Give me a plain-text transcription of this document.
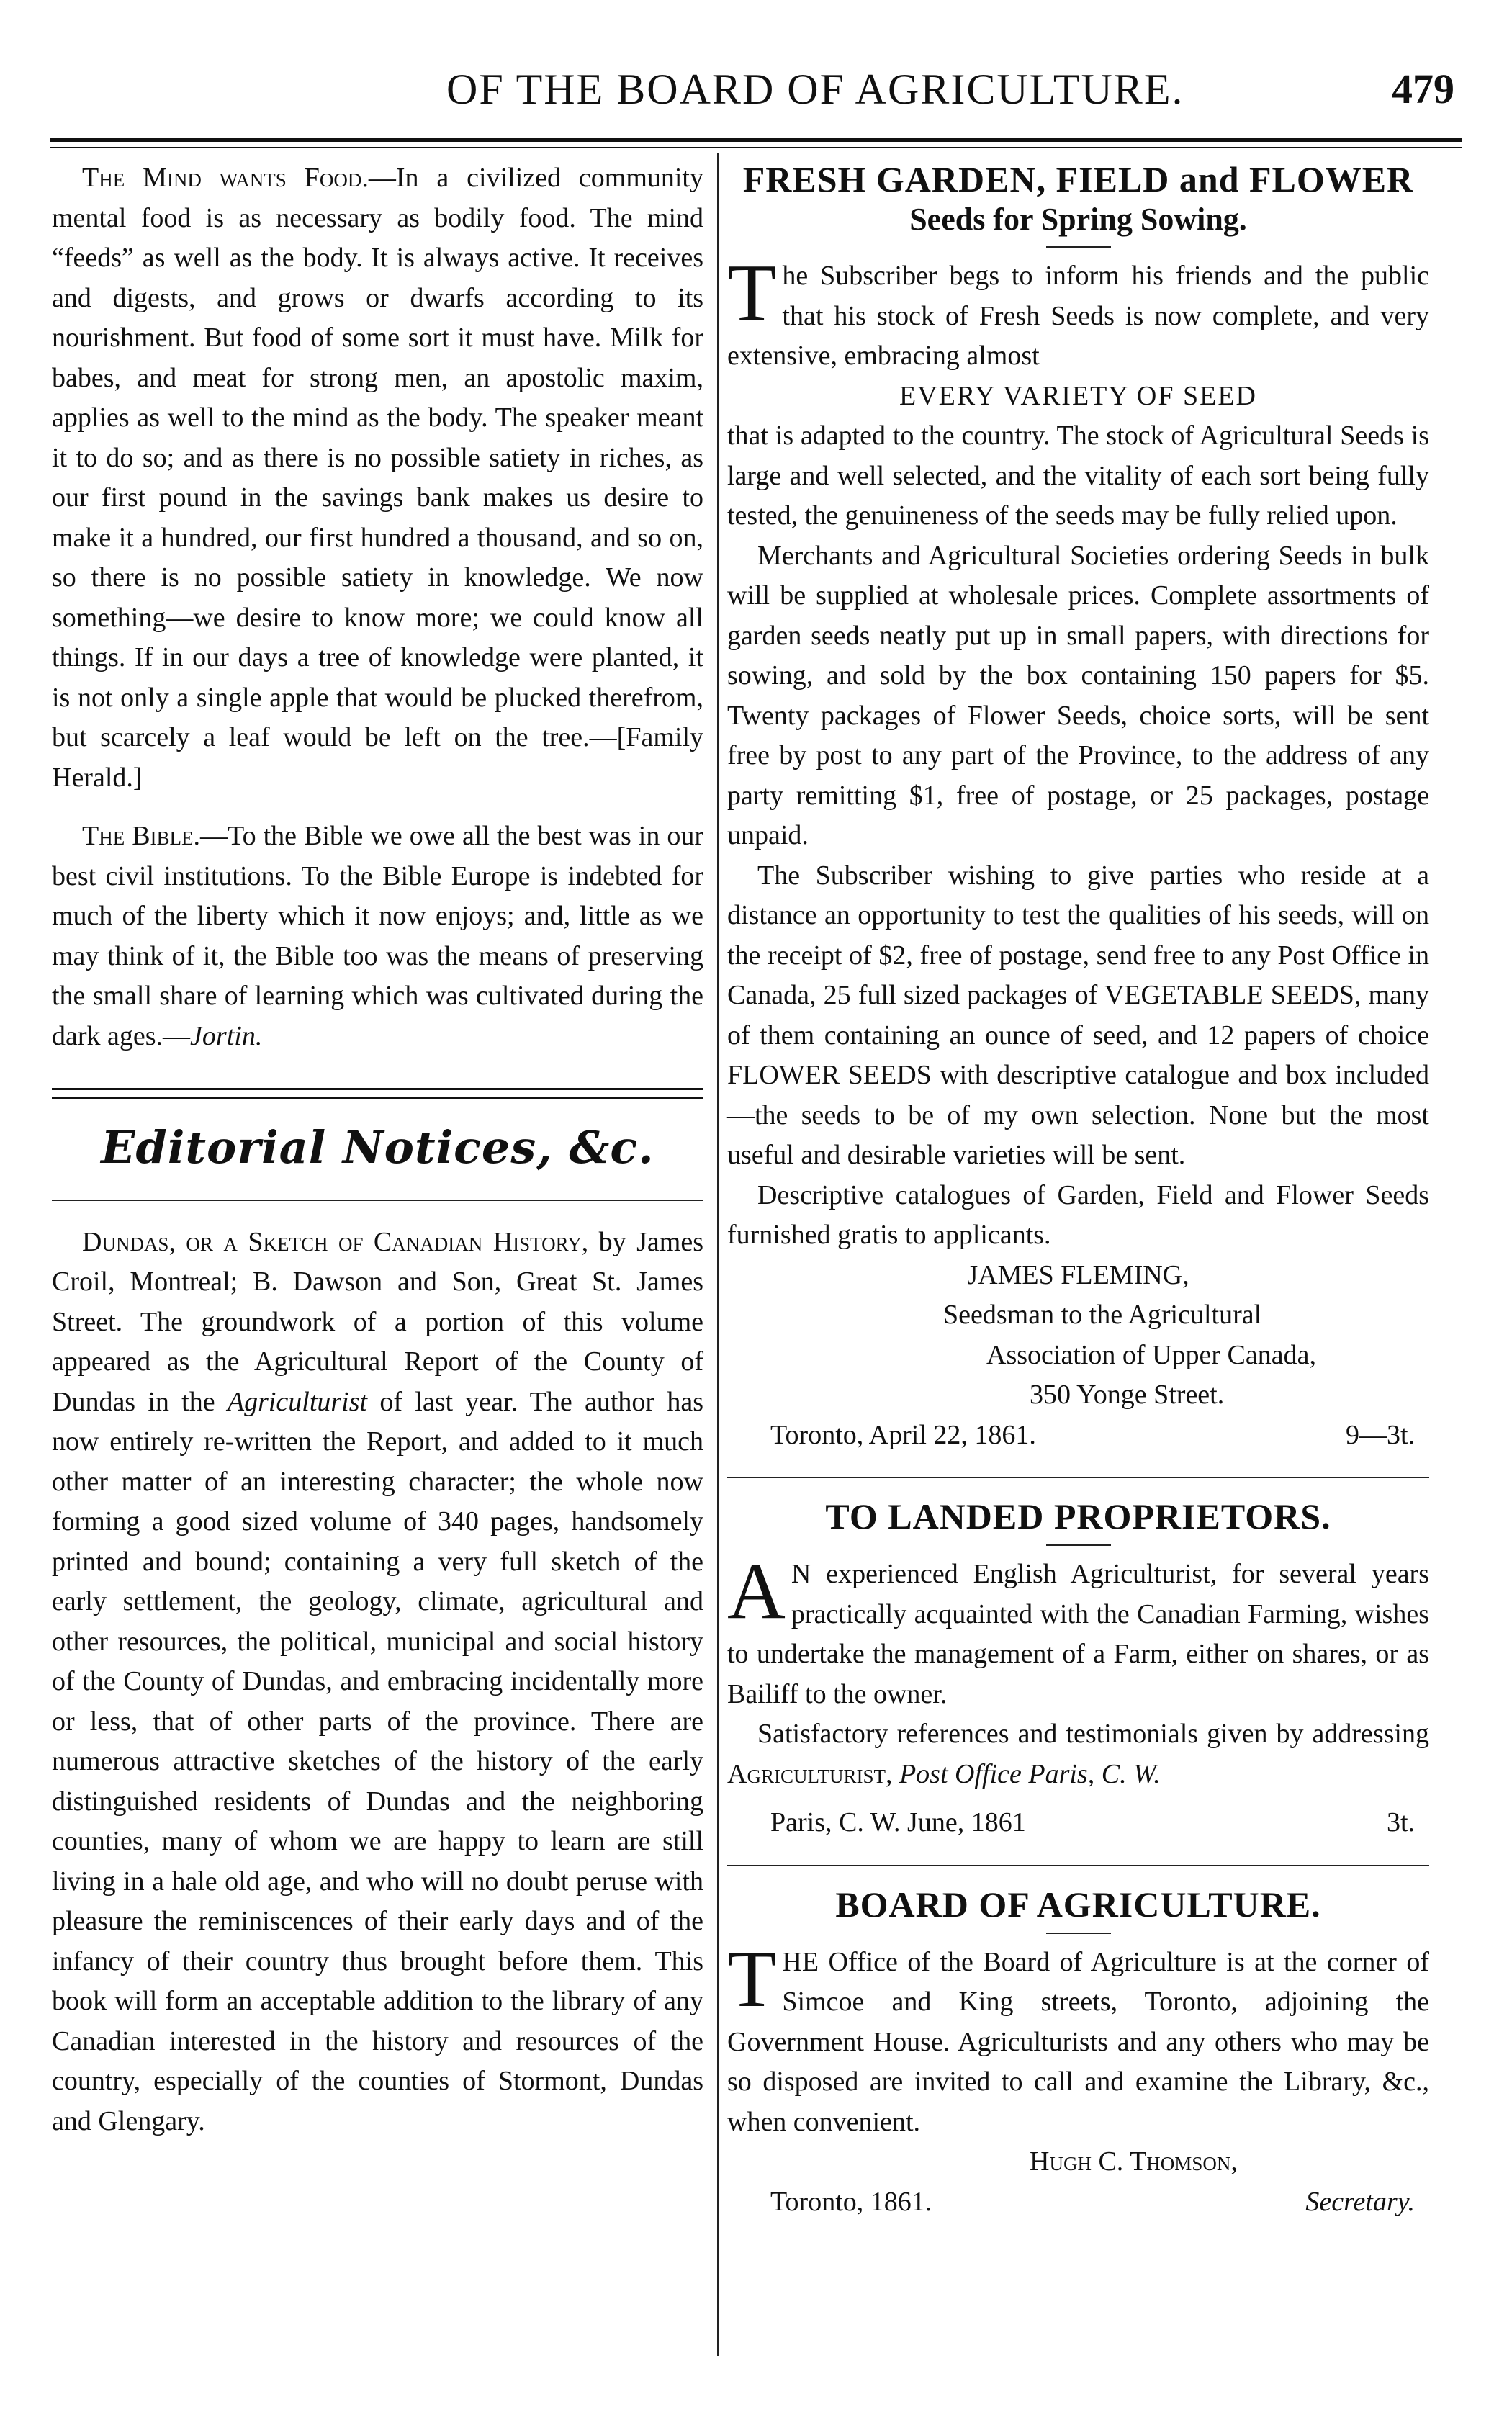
OF THE BOARD OF AGRICULTURE.	479

The Mind wants Food.—In a civilized community mental food is as necessary as bodily food. The mind “feeds” as well as the body. It is always active. It receives and digests, and grows or dwarfs according to its nourishment. But food of some sort it must have. Milk for babes, and meat for strong men, an apostolic maxim, applies as well to the mind as the body. The speaker meant it to do so; and as there is no possible satiety in riches, as our first pound in the savings bank makes us desire to make it a hundred, our first hundred a thousand, and so on, so there is no possible satiety in knowledge. We now something—we desire to know more; we could know all things. If in our days a tree of knowledge were planted, it is not only a single apple that would be plucked therefrom, but scarcely a leaf would be left on the tree.—[Family Herald.]

The Bible.—To the Bible we owe all the best was in our best civil institutions. To the Bible Europe is indebted for much of the liberty which it now enjoys; and, little as we may think of it, the Bible too was the means of preserving the small share of learning which was cultivated during the dark ages.—Jortin.

Editorial Notices, &c.

Dundas, or a Sketch of Canadian History, by James Croil, Montreal; B. Dawson and Son, Great St. James Street. The groundwork of a portion of this volume appeared as the Agricultural Report of the County of Dundas in the Agriculturist of last year. The author has now entirely re-written the Report, and added to it much other matter of an interesting character; the whole now forming a good sized volume of 340 pages, handsomely printed and bound; containing a very full sketch of the early settlement, the geology, climate, agricultural and other resources, the political, municipal and social history of the County of Dundas, and embracing incidentally more or less, that of other parts of the province. There are numerous attractive sketches of the history of the early distinguished residents of Dundas and the neighboring counties, many of whom we are happy to learn are still living in a hale old age, and who will no doubt peruse with pleasure the reminiscences of their early days and of the infancy of their country thus brought before them. This book will form an acceptable addition to the library of any Canadian interested in the history and resources of the country, especially of the counties of Stormont, Dundas and Glengary.

FRESH GARDEN, FIELD and FLOWER
Seeds for Spring Sowing.

The Subscriber begs to inform his friends and the public that his stock of Fresh Seeds is now complete, and very extensive, embracing almost

EVERY VARIETY OF SEED

that is adapted to the country. The stock of Agricultural Seeds is large and well selected, and the vitality of each sort being fully tested, the genuineness of the seeds may be fully relied upon.

Merchants and Agricultural Societies ordering Seeds in bulk will be supplied at wholesale prices. Complete assortments of garden seeds neatly put up in small papers, with directions for sowing, and sold by the box containing 150 papers for $5. Twenty packages of Flower Seeds, choice sorts, will be sent free by post to any part of the Province, to the address of any party remitting $1, free of postage, or 25 packages, postage unpaid.

The Subscriber wishing to give parties who reside at a distance an opportunity to test the qualities of his seeds, will on the receipt of $2, free of postage, send free to any Post Office in Canada, 25 full sized packages of VEGETABLE SEEDS, many of them containing an ounce of seed, and 12 papers of choice FLOWER SEEDS with descriptive catalogue and box included—the seeds to be of my own selection. None but the most useful and desirable varieties will be sent.

Descriptive catalogues of Garden, Field and Flower Seeds furnished gratis to applicants.

JAMES FLEMING,
Seedsman to the Agricultural
Association of Upper Canada,
350 Yonge Street.
Toronto, April 22, 1861.	9—3t.
TO LANDED PROPRIETORS.

A N experienced English Agriculturist, for several years practically acquainted with the Canadian Farming, wishes to undertake the management of a Farm, either on shares, or as Bailiff to the owner.

Satisfactory references and testimonials given by addressing Agriculturist, Post Office Paris, C. W.

Paris, C. W. June, 1861	3t.
BOARD OF AGRICULTURE.

THE Office of the Board of Agriculture is at the corner of Simcoe and King streets, Toronto, adjoining the Government House. Agriculturists and any others who may be so disposed are invited to call and examine the Library, &c., when convenient.

Hugh C. Thomson,
Toronto, 1861.	Secretary.
